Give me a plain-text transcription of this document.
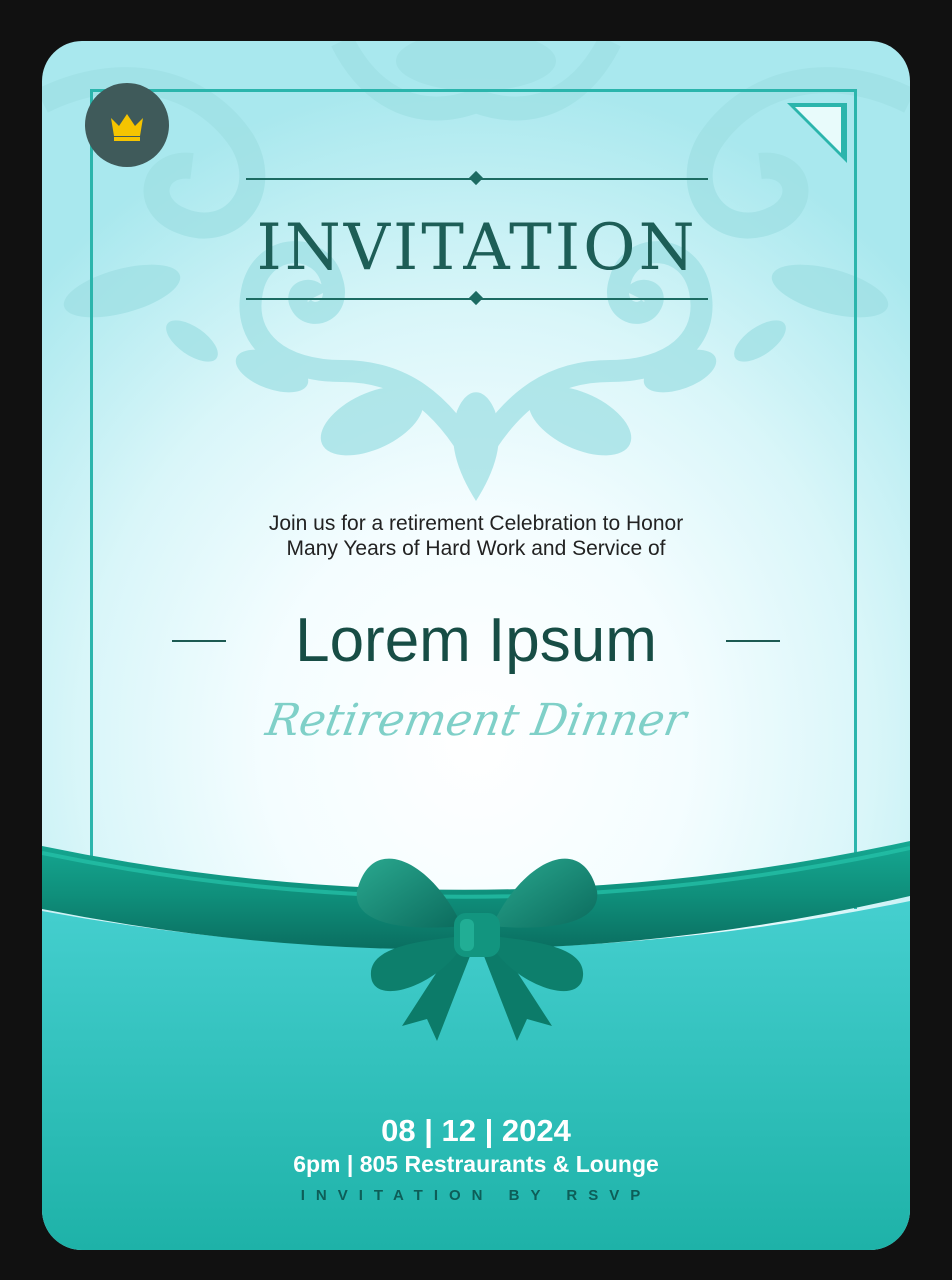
INVITATION
Join us for a retirement Celebration to Honor
Many Years of Hard Work and Service of
Lorem Ipsum
Retirement Dinner
08 | 12 | 2024
6pm | 805 Restraurants & Lounge
INVITATION BY RSVP
